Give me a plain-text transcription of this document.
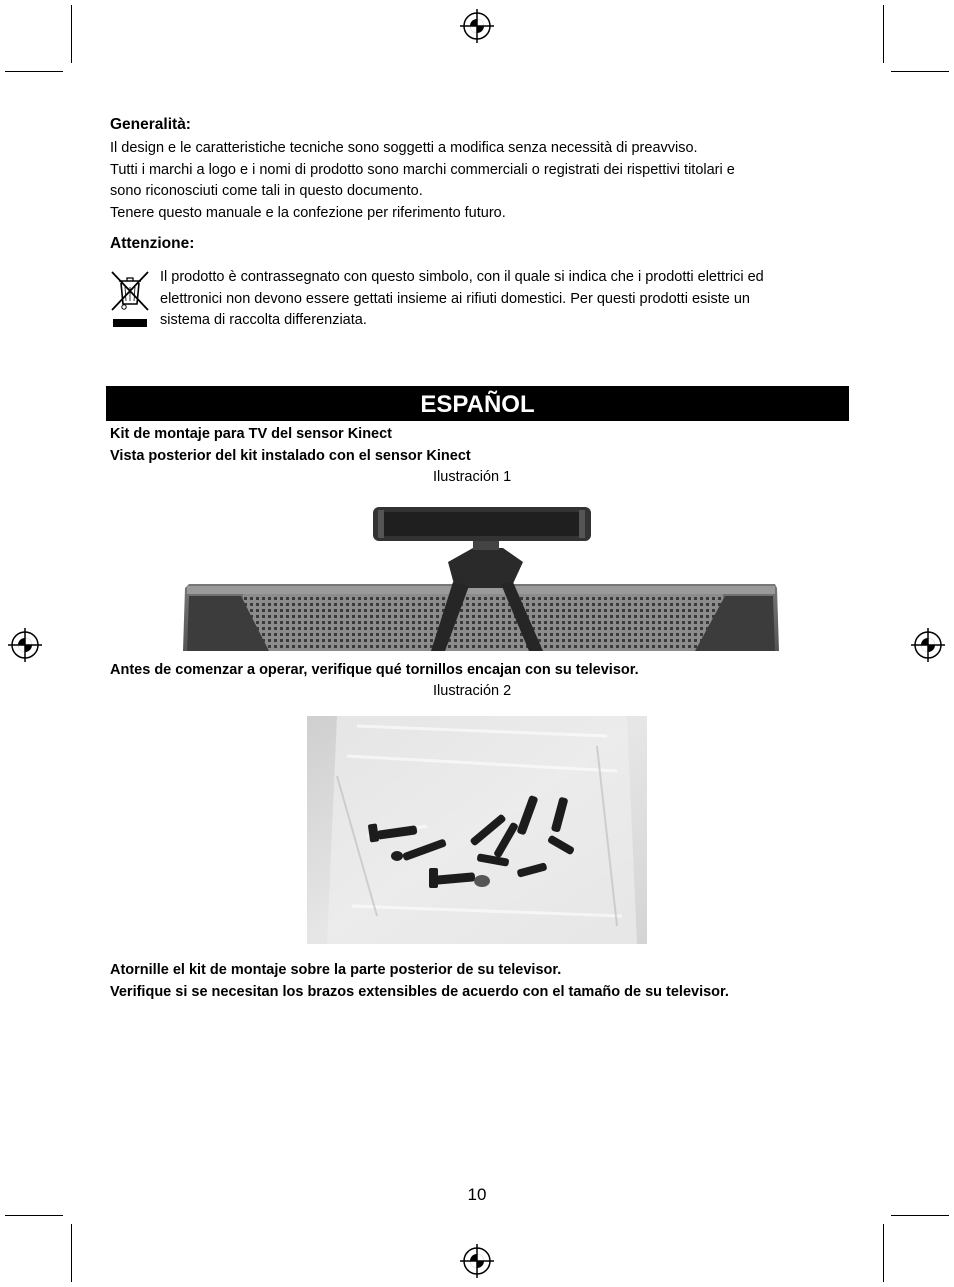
Generalità:
Il design e le caratteristiche tecniche sono soggetti a modifica senza necessità di preavviso.
Tutti i marchi a logo e i nomi di prodotto sono marchi commerciali o registrati dei rispettivi titolari e
sono riconosciuti come tali in questo documento.
Tenere questo manuale e la confezione per riferimento futuro.
Attenzione:
Il prodotto è contrassegnato con questo simbolo, con il quale si indica che i prodotti elettrici ed
elettronici non devono essere gettati insieme ai rifiuti domestici. Per questi prodotti esiste un
sistema di raccolta differenziata.
ESPAÑOL
Kit de montaje para TV del sensor Kinect
Vista posterior del kit instalado con el sensor Kinect
Ilustración 1
Antes de comenzar a operar, verifique qué tornillos encajan con su televisor.
Ilustración 2
Atornille el kit de montaje sobre la parte posterior de su televisor.
Verifique si se necesitan los brazos extensibles de acuerdo con el tamaño de su televisor.
10
